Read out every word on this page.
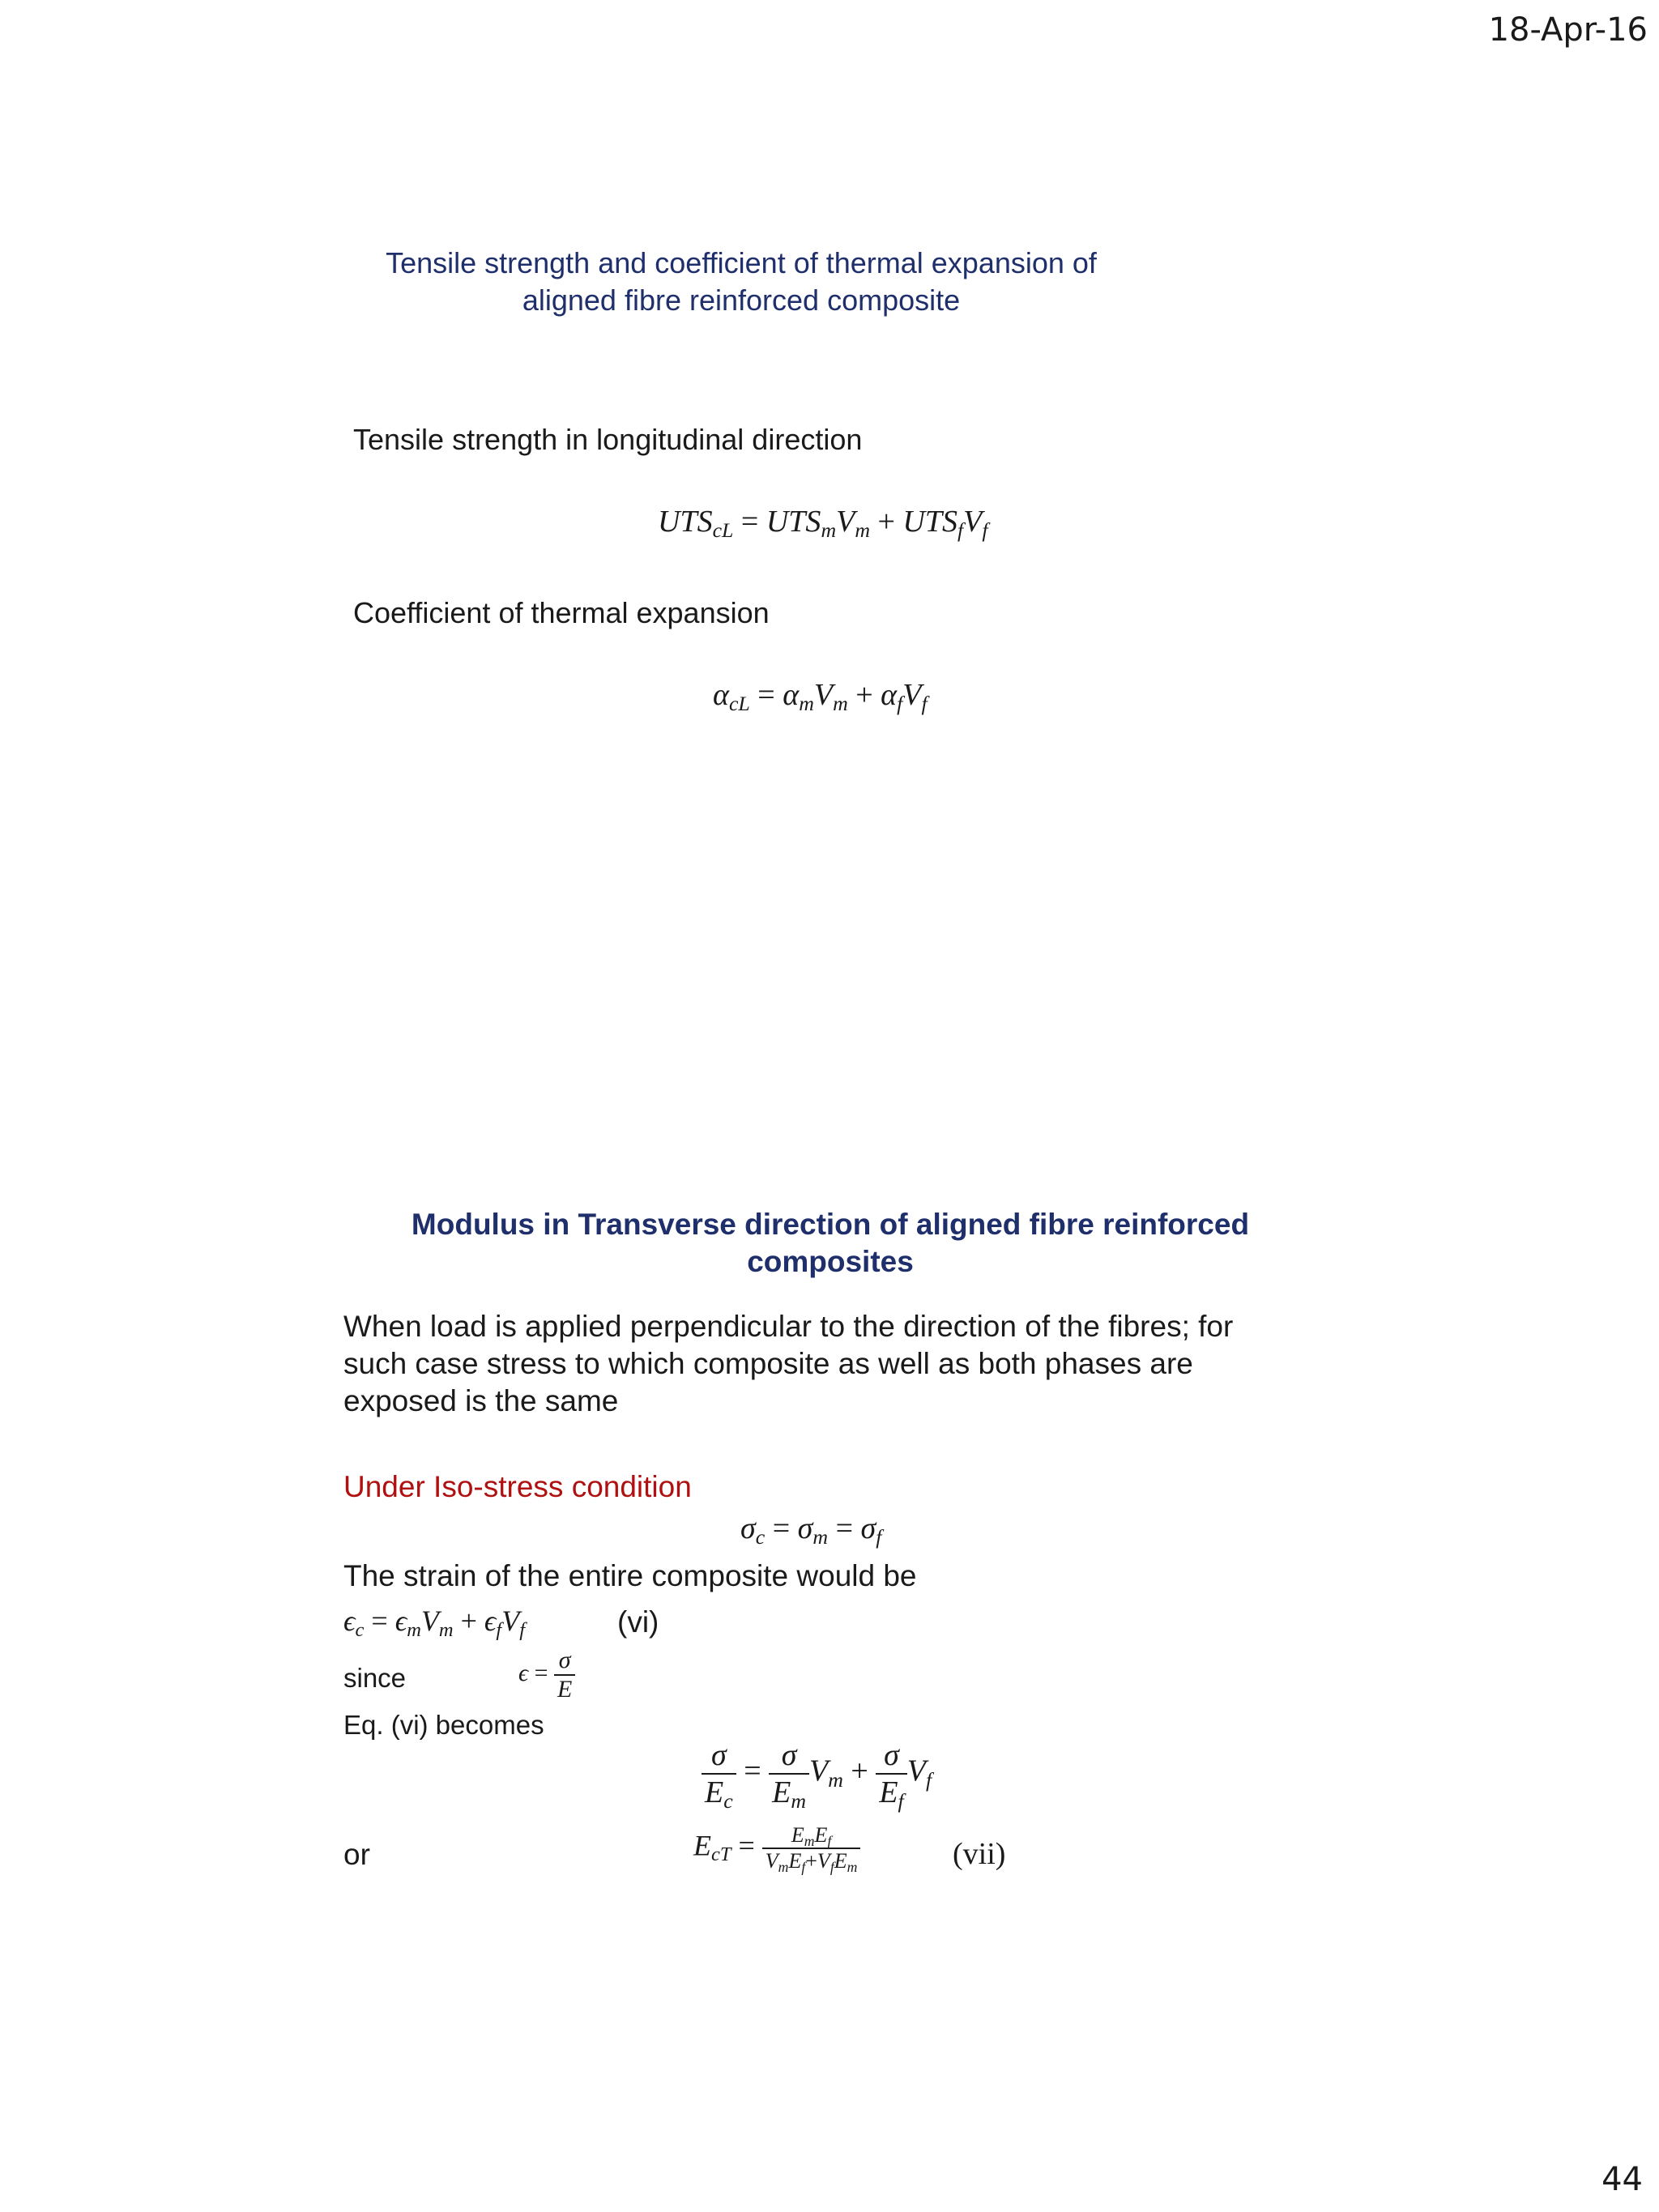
18-Apr-16
Tensile strength and coefficient of thermal expansion of aligned fibre reinforced composite
Tensile strength in longitudinal direction
$UTS_{cL} = UTS_mV_m + UTS_fV_f$
Coefficient of thermal expansion
$\alpha_{cL} = \alpha_mV_m + \alpha_fV_f$
Modulus in Transverse direction of aligned fibre reinforced composites
When load is applied perpendicular to the direction of the fibres; for such case stress to which composite as well as both phases are exposed is the same
Under Iso-stress condition
$\sigma_c = \sigma_m = \sigma_f$
The strain of the entire composite would be
$\epsilon_c = \epsilon_mV_m + \epsilon_fV_f$	(vi)
since	$\epsilon = \frac{\sigma}{E}$
Eq. (vi) becomes
$\frac{\sigma}{E_c} = \frac{\sigma}{E_m} V_m + \frac{\sigma}{E_f} V_f$
or	$E_{cT} = \frac{E_mE_f}{V_mE_f+V_fE_m}$	(vii)
44
